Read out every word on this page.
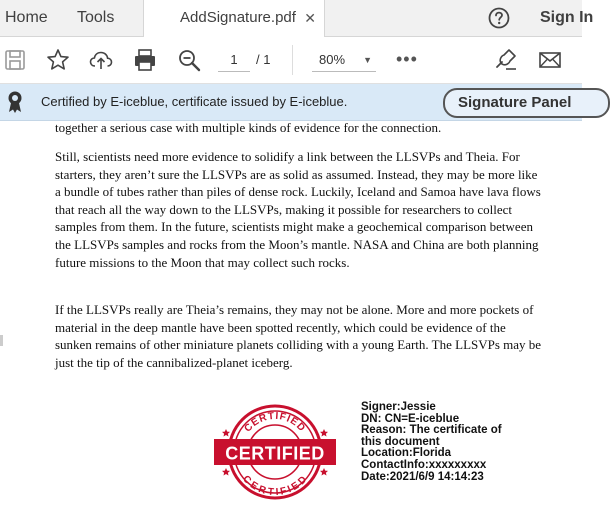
Home Tools	AddSignature.pdf ✕	Sign In
1	/ 1	80% ▼ •••
Certified by E-iceblue, certificate issued by E-iceblue.	Signature Panel

together a serious case with multiple kinds of evidence for the connection.

Still, scientists need more evidence to solidify a link between the LLSVPs and Theia. For starters, they aren’t sure the LLSVPs are as solid as assumed. Instead, they may be more like a bundle of tubes rather than piles of dense rock. Luckily, Iceland and Samoa have lava flows that reach all the way down to the LLSVPs, making it possible for researchers to collect samples from them. In the future, scientists might make a geochemical comparison between the LLSVPs samples and rocks from the Moon’s mantle. NASA and China are both planning future missions to the Moon that may collect such rocks.

If the LLSVPs really are Theia’s remains, they may not be alone. More and more pockets of material in the deep mantle have been spotted recently, which could be evidence of the sunken remains of other miniature planets colliding with a young Earth. The LLSVPs may be just the tip of the cannibalized-planet iceberg.

CERTIFIED
CERTIFIED
CERTIFIED
Signer:Jessie
DN: CN=E-iceblue
Reason: The certificate of
this document
Location:Florida
ContactInfo:xxxxxxxxx
Date:2021/6/9 14:14:23
